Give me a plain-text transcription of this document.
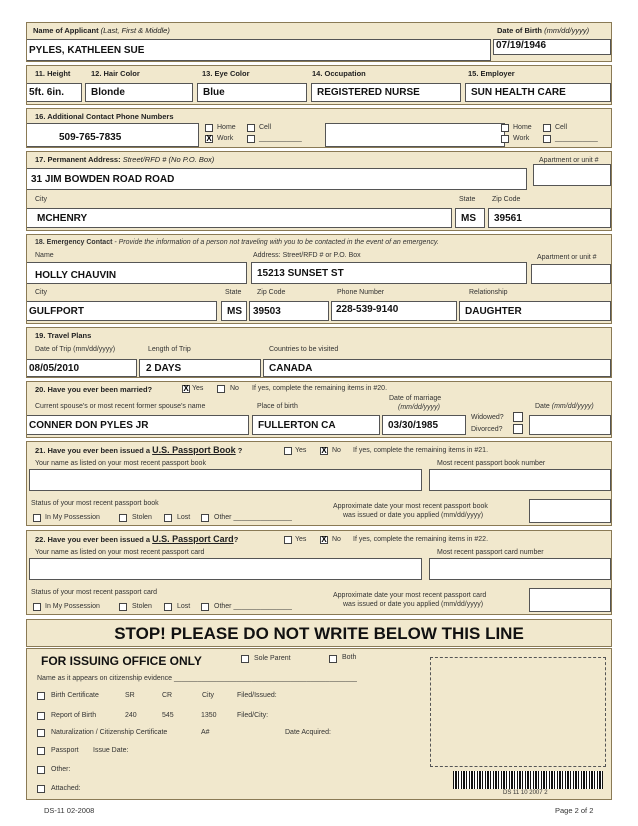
Name of Applicant (Last, First & Middle)	Date of Birth (mm/dd/yyyy)
PYLES, KATHLEEN SUE	07/19/1946
11. Height	12. Hair Color	13. Eye Color	14. Occupation	15. Employer
5ft. 6in.	Blonde	Blue	REGISTERED NURSE	SUN HEALTH CARE
16. Additional Contact Phone Numbers
509-765-7835
Home	Cell
X Work	___________
Home	Cell
Work	___________
17. Permanent Address: Street/RFD # (No P.O. Box)	Apartment or unit #
31 JIM BOWDEN ROAD ROAD
City	State Zip Code
MCHENRY	MS	39561
18. Emergency Contact - Provide the information of a person not traveling with you to be contacted in the event of an emergency.
Name	Address: Street/RFD # or P.O. Box	Apartment or unit #
HOLLY CHAUVIN	15213 SUNSET ST
City	State Zip Code	Phone Number	Relationship
GULFPORT	MS	39503	228-539-9140	DAUGHTER
19. Travel Plans
Date of Trip (mm/dd/yyyy)	Length of Trip	Countries to be visited
08/05/2010	2 DAYS	CANADA
20. Have you ever been married?	X Yes	No If yes, complete the remaining items in #20.
Current spouse's or most recent former spouse's name	Place of birth
Date of marriage
(mm/dd/yyyy)	Date (mm/dd/yyyy)
Widowed?
Divorced?
CONNER DON PYLES JR	FULLERTON CA	03/30/1985
21. Have you ever been issued a U.S. Passport Book ?	Yes X No If yes, complete the remaining items in #21.
Your name as listed on your most recent passport book	Most recent passport book number
Status of your most recent passport book	Approximate date your most recent passport book
was issued or date you applied (mm/dd/yyyy)
In My Possession	Stolen	Lost	Other _______________
22. Have you ever been issued a U.S. Passport Card?	Yes X No If yes, complete the remaining items in #22.
Your name as listed on your most recent passport card	Most recent passport card number
Status of your most recent passport card	Approximate date your most recent passport card
was issued or date you applied (mm/dd/yyyy)
In My Possession	Stolen	Lost	Other _______________
STOP! PLEASE DO NOT WRITE BELOW THIS LINE
FOR ISSUING OFFICE ONLY	Sole Parent	Both
Name as it appears on citizenship evidence _______________________________________________
Birth Certificate	SR	CR	City	Filed/Issued:
Report of Birth	240	545	1350	Filed/City:
Naturalization / Citizenship Certificate	A#	Date Acquired:
Passport Issue Date:
Other:
Attached:
DS 11 10 2007 2
DS-11 02-2008	Page 2 of 2
